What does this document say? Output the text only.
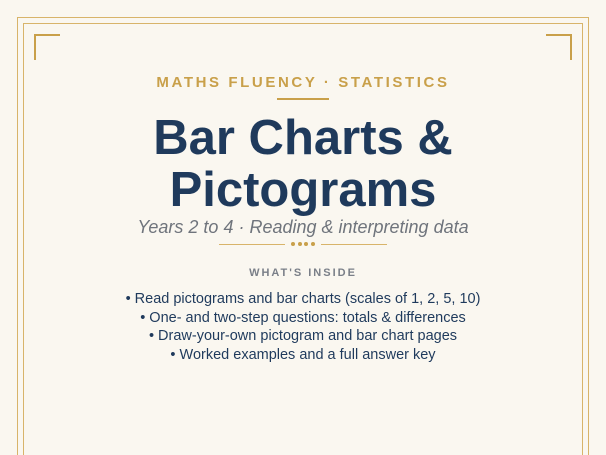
MATHS FLUENCY · STATISTICS
Bar Charts &
Pictograms
Years 2 to 4 · Reading & interpreting data
WHAT'S INSIDE
• Read pictograms and bar charts (scales of 1, 2, 5, 10)
• One- and two-step questions: totals & differences
• Draw-your-own pictogram and bar chart pages
• Worked examples and a full answer key
